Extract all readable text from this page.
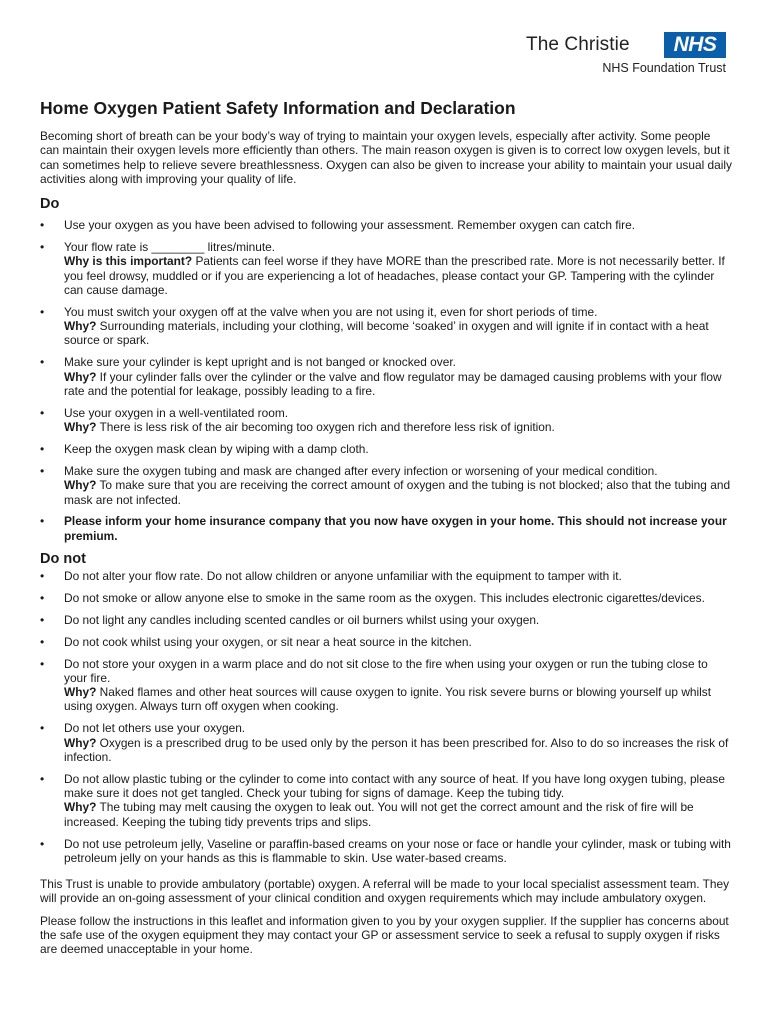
The Christie	NHS
NHS Foundation Trust
Home Oxygen Patient Safety Information and Declaration

Becoming short of breath can be your body’s way of trying to maintain your oxygen levels, especially after activity. Some people can maintain their oxygen levels more efficiently than others. The main reason oxygen is given is to correct low oxygen levels, but it can sometimes help to relieve severe breathlessness. Oxygen can also be given to increase your ability to maintain your usual daily activities along with improving your quality of life.

Do
• Use your oxygen as you have been advised to following your assessment. Remember oxygen can catch fire.
• Your flow rate is ________ litres/minute.
Why is this important? Patients can feel worse if they have MORE than the prescribed rate. More is not necessarily better. If you feel drowsy, muddled or if you are experiencing a lot of headaches, please contact your GP. Tampering with the cylinder can cause damage.
• You must switch your oxygen off at the valve when you are not using it, even for short periods of time.
Why? Surrounding materials, including your clothing, will become ‘soaked’ in oxygen and will ignite if in contact with a heat source or spark.
• Make sure your cylinder is kept upright and is not banged or knocked over.
Why? If your cylinder falls over the cylinder or the valve and flow regulator may be damaged causing problems with your flow rate and the potential for leakage, possibly leading to a fire.
• Use your oxygen in a well-ventilated room.
Why? There is less risk of the air becoming too oxygen rich and therefore less risk of ignition.
• Keep the oxygen mask clean by wiping with a damp cloth.
• Make sure the oxygen tubing and mask are changed after every infection or worsening of your medical condition.
Why? To make sure that you are receiving the correct amount of oxygen and the tubing is not blocked; also that the tubing and mask are not infected.
• Please inform your home insurance company that you now have oxygen in your home. This should not increase your premium.
Do not
• Do not alter your flow rate. Do not allow children or anyone unfamiliar with the equipment to tamper with it.
• Do not smoke or allow anyone else to smoke in the same room as the oxygen. This includes electronic cigarettes/devices.
• Do not light any candles including scented candles or oil burners whilst using your oxygen.
• Do not cook whilst using your oxygen, or sit near a heat source in the kitchen.
• Do not store your oxygen in a warm place and do not sit close to the fire when using your oxygen or run the tubing close to your fire.
Why? Naked flames and other heat sources will cause oxygen to ignite. You risk severe burns or blowing yourself up whilst using oxygen. Always turn off oxygen when cooking.
• Do not let others use your oxygen.
Why? Oxygen is a prescribed drug to be used only by the person it has been prescribed for. Also to do so increases the risk of infection.
• Do not allow plastic tubing or the cylinder to come into contact with any source of heat. If you have long oxygen tubing, please make sure it does not get tangled. Check your tubing for signs of damage. Keep the tubing tidy.
Why? The tubing may melt causing the oxygen to leak out. You will not get the correct amount and the risk of fire will be increased. Keeping the tubing tidy prevents trips and slips.
• Do not use petroleum jelly, Vaseline or paraffin-based creams on your nose or face or handle your cylinder, mask or tubing with petroleum jelly on your hands as this is flammable to skin. Use water-based creams.

This Trust is unable to provide ambulatory (portable) oxygen. A referral will be made to your local specialist assessment team. They will provide an on-going assessment of your clinical condition and oxygen requirements which may include ambulatory oxygen.

Please follow the instructions in this leaflet and information given to you by your oxygen supplier. If the supplier has concerns about the safe use of the oxygen equipment they may contact your GP or assessment service to seek a refusal to supply oxygen if risks are deemed unacceptable in your home.
